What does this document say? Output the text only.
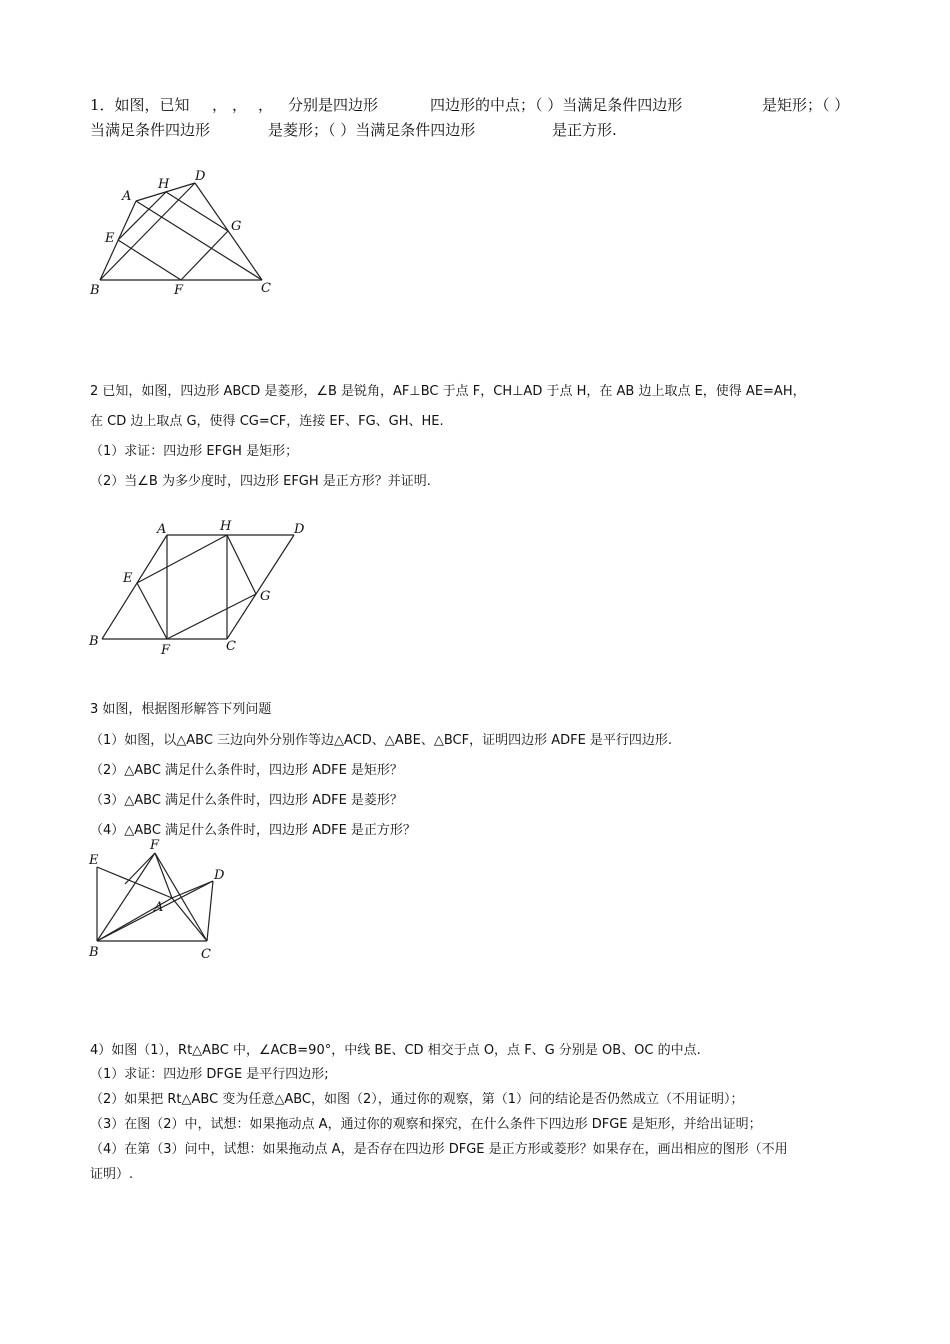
1．如图，已知 ， ， ， 分别是四边形	四边形的中点；（ ）当满足条件四边形	是矩形；（ ）
当满足条件四边形	是菱形；（ ）当满足条件四边形	是正方形.
A
H
D
E
G
B	F	C
2 已知，如图，四边形 ABCD 是菱形，∠B 是锐角，AF⊥BC 于点 F，CH⊥AD 于点 H，在 AB 边上取点 E，使得 AE=AH，
在 CD 边上取点 G，使得 CG=CF，连接 EF、FG、GH、HE.
（1）求证：四边形 EFGH 是矩形；
（2）当∠B 为多少度时，四边形 EFGH 是正方形？并证明.
A	H	D
E
G
B
F	C
3 如图，根据图形解答下列问题
（1）如图，以△ABC 三边向外分别作等边△ACD、△ABE、△BCF，证明四边形 ADFE 是平行四边形.
（2）△ABC 满足什么条件时，四边形 ADFE 是矩形？
（3）△ABC 满足什么条件时，四边形 ADFE 是菱形？
（4）△ABC 满足什么条件时，四边形 ADFE 是正方形？
E
F
D
A
B	C
4）如图（1），Rt△ABC 中，∠ACB=90°，中线 BE、CD 相交于点 O，点 F、G 分别是 OB、OC 的中点.
（1）求证：四边形 DFGE 是平行四边形;
（2）如果把 Rt△ABC 变为任意△ABC，如图（2），通过你的观察，第（1）问的结论是否仍然成立（不用证明）；
（3）在图（2）中，试想：如果拖动点 A，通过你的观察和探究，在什么条件下四边形 DFGE 是矩形，并给出证明；
（4）在第（3）问中，试想：如果拖动点 A，是否存在四边形 DFGE 是正方形或菱形？如果存在，画出相应的图形（不用
证明）.
